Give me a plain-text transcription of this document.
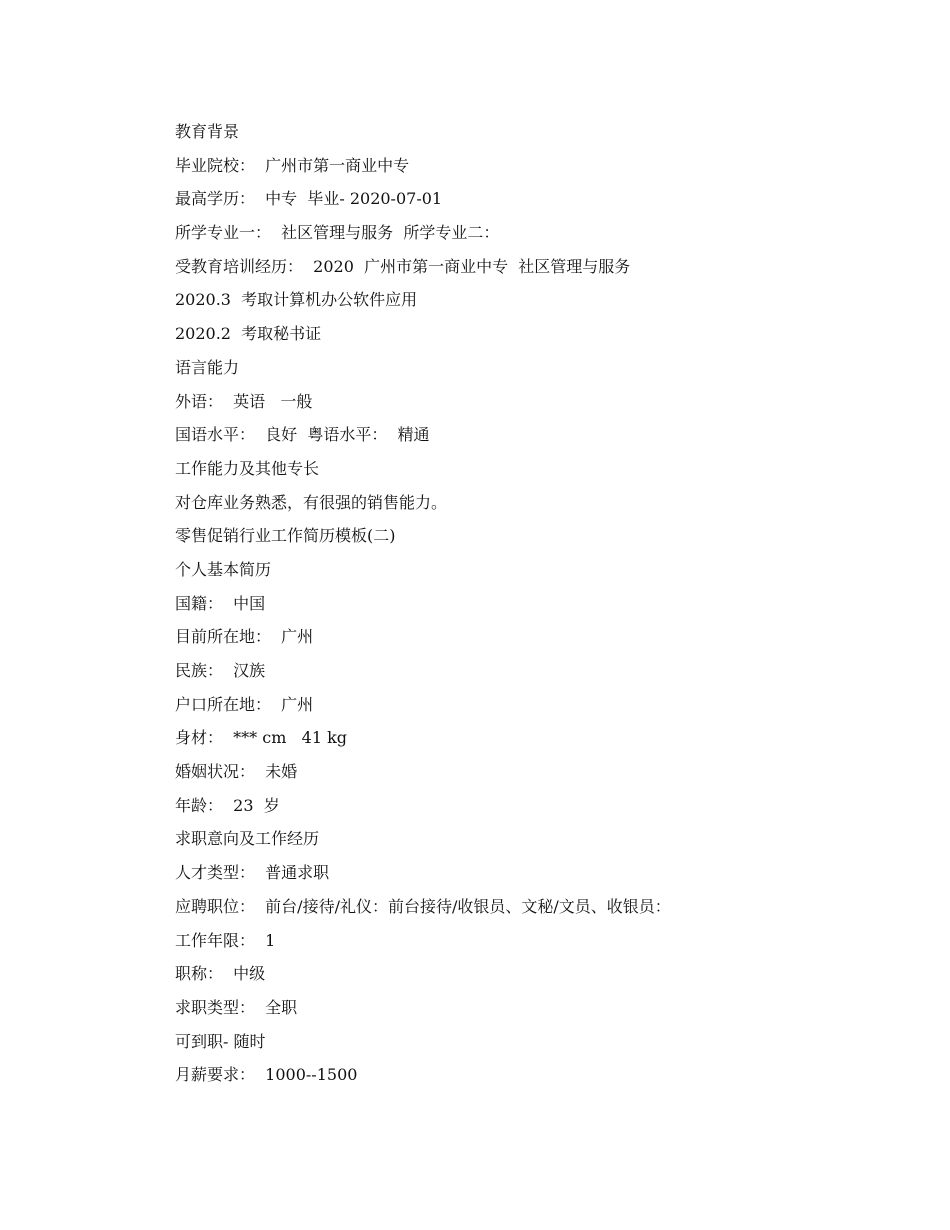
教育背景
毕业院校：  广州市第一商业中专
最高学历：  中专  毕业- 2020-07-01
所学专业一：  社区管理与服务  所学专业二：
受教育培训经历：  2020  广州市第一商业中专  社区管理与服务
2020.3  考取计算机办公软件应用
2020.2  考取秘书证
语言能力
外语：  英语   一般
国语水平：  良好  粤语水平：  精通
工作能力及其他专长
对仓库业务熟悉，有很强的销售能力。
零售促销行业工作简历模板(二)
个人基本简历
国籍：  中国
目前所在地：  广州
民族：  汉族
户口所在地：  广州
身材：  *** cm   41 kg
婚姻状况：  未婚
年龄：  23  岁
求职意向及工作经历
人才类型：  普通求职
应聘职位：  前台/接待/礼仪：前台接待/收银员、文秘/文员、收银员：
工作年限：  1
职称：  中级
求职类型：  全职
可到职- 随时
月薪要求：  1000--1500
